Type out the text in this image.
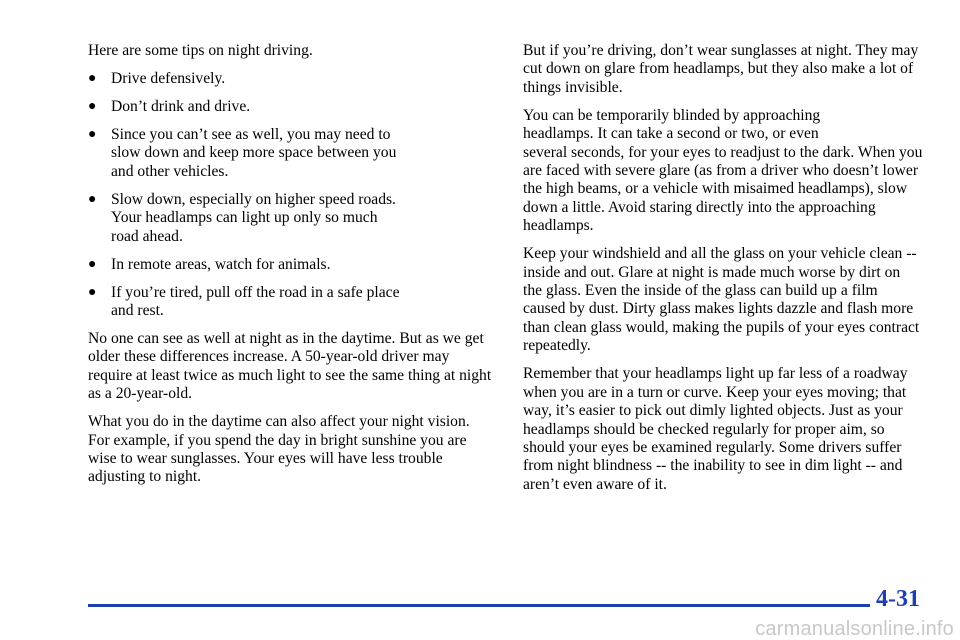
Here are some tips on night driving.

● Drive defensively.
● Don’t drink and drive.
● Since you can’t see as well, you may need to
slow down and keep more space between you
and other vehicles.
● Slow down, especially on higher speed roads.
Your headlamps can light up only so much
road ahead.
● In remote areas, watch for animals.
● If you’re tired, pull off the road in a safe place
and rest.

No one can see as well at night as in the daytime. But as we get older these differences increase. A 50-year-old driver may require at least twice as much light to see the same thing at night as a 20-year-old.

What you do in the daytime can also affect your night vision. For example, if you spend the day in bright sunshine you are wise to wear sunglasses. Your eyes will have less trouble adjusting to night.

But if you’re driving, don’t wear sunglasses at night. They may cut down on glare from headlamps, but they also make a lot of things invisible.

You can be temporarily blinded by approaching
headlamps. It can take a second or two, or even
several seconds, for your eyes to readjust to the dark. When you are faced with severe glare (as from a driver who doesn’t lower the high beams, or a vehicle with misaimed headlamps), slow down a little. Avoid staring directly into the approaching headlamps.

Keep your windshield and all the glass on your vehicle clean -- inside and out. Glare at night is made much worse by dirt on the glass. Even the inside of the glass can build up a film caused by dust. Dirty glass makes lights dazzle and flash more than clean glass would, making the pupils of your eyes contract repeatedly.

Remember that your headlamps light up far less of a roadway when you are in a turn or curve. Keep your eyes moving; that way, it’s easier to pick out dimly lighted objects. Just as your headlamps should be checked regularly for proper aim, so should your eyes be examined regularly. Some drivers suffer from night blindness -- the inability to see in dim light -- and aren’t even aware of it.

4-31
carmanualsonline.info
